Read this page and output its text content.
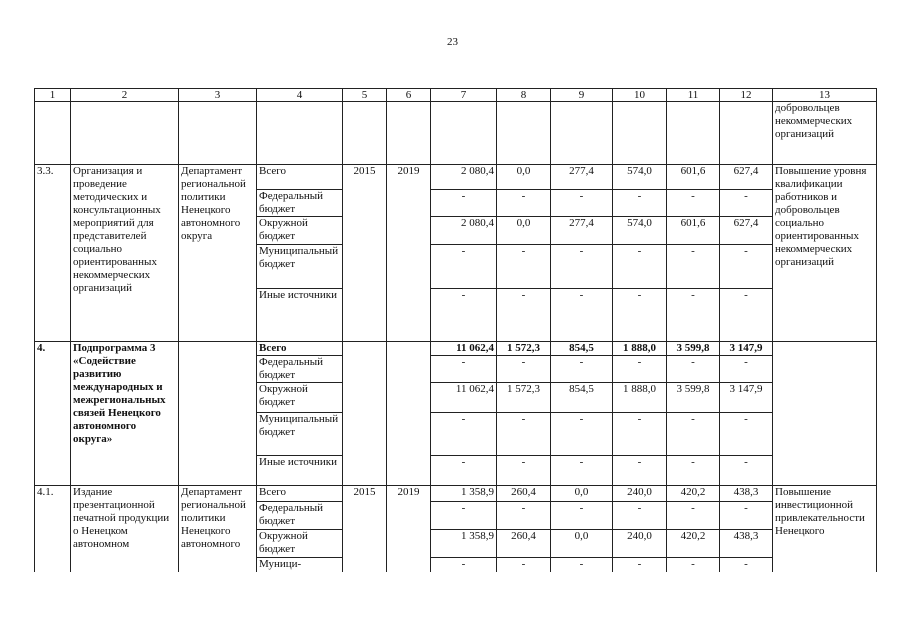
23
1	2	3	4	5	6	7	8	9	10	11	12	13
												добровольцев некоммерческих организаций
3.3.	Организация и проведение методических и консультационных мероприятий для представителей социально ориентированных некоммерческих организаций	Департамент региональной политики Ненецкого автономного округа	Всего	2015	2019	2 080,4	0,0	277,4	574,0	601,6	627,4	Повышение уровня квалификации работников и добровольцев социально ориентированных некоммерческих организаций
			Федеральный бюджет			-	-	-	-	-	-	
			Окружной бюджет			2 080,4	0,0	277,4	574,0	601,6	627,4	
			Муниципальный бюджет			-	-	-	-	-	-	
			Иные источники			-	-	-	-	-	-	
4.	Подпрограмма 3 «Содействие развитию международных и межрегиональных связей Ненецкого автономного округа»		Всего			11 062,4	1 572,3	854,5	1 888,0	3 599,8	3 147,9	
			Федеральный бюджет			-	-	-	-	-	-	
			Окружной бюджет			11 062,4	1 572,3	854,5	1 888,0	3 599,8	3 147,9	
			Муниципальный бюджет			-	-	-	-	-	-	
			Иные источники			-	-	-	-	-	-	
4.1.	Издание презентационной печатной продукции о Ненецком автономном	Департамент региональной политики Ненецкого автономного	Всего	2015	2019	1 358,9	260,4	0,0	240,0	420,2	438,3	Повышение инвестиционной привлекательности Ненецкого
			Федеральный бюджет			-	-	-	-	-	-	
			Окружной бюджет			1 358,9	260,4	0,0	240,0	420,2	438,3	
			Муници-			-	-	-	-	-	-	
